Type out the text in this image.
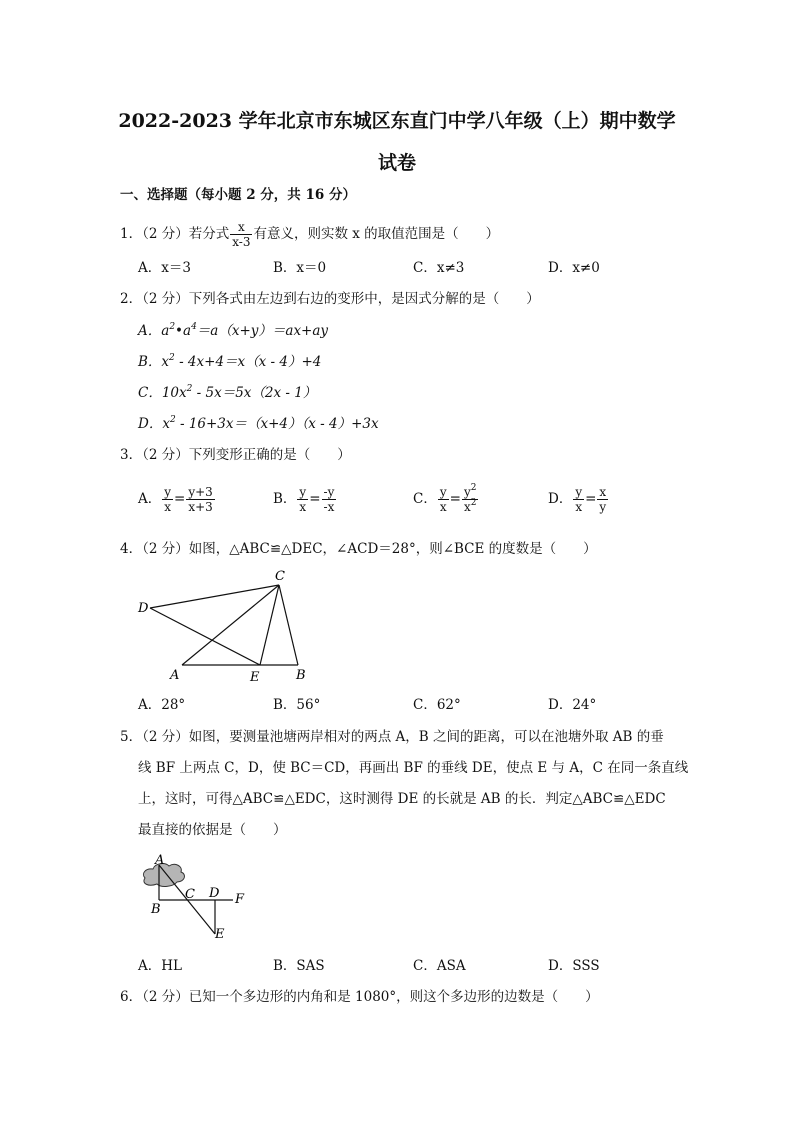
2022-2023 学年北京市东城区东直门中学八年级（上）期中数学
试卷
一、选择题（每小题 2 分，共 16 分）
1．（2 分）若分式 $\frac{x}{x-3}$ 有意义，则实数 x 的取值范围是（　　）
A．x＝3	B．x＝0	C．x≠3	D．x≠0
2．（2 分）下列各式由左边到右边的变形中，是因式分解的是（　　）
A．$a^2•a^4=a(x+y)=ax+ay$
B．$x^2 - 4x+4=x(x - 4)+4$
C．$10x^2 - 5x=5x(2x - 1)$
D．$x^2 - 16+3x=(x+4)(x - 4)+3x$
3．（2 分）下列变形正确的是（　　）
A． $\frac{y}{x} = \frac{y+3}{x+3}$	B． $\frac{y}{x} = \frac{-y}{-x}$	C． $\frac{y}{x} = \frac{y^2}{x^2}$	D． $\frac{y}{x} = \frac{x}{y}$
4．（2 分）如图，△ABC≌△DEC，∠ACD＝28°，则∠BCE 的度数是（　　）
C
D
A	E	B
A．28°	B．56°	C．62°	D．24°
5．（2 分）如图，要测量池塘两岸相对的两点 A，B 之间的距离，可以在池塘外取 AB 的垂
线 BF 上两点 C，D，使 BC＝CD，再画出 BF 的垂线 DE，使点 E 与 A，C 在同一条直线
上，这时，可得△ABC≌△EDC，这时测得 DE 的长就是 AB 的长．判定△ABC≌△EDC
最直接的依据是（　　）
A
B
C D F
E
A．HL	B．SAS	C．ASA	D．SSS
6．（2 分）已知一个多边形的内角和是 1080°，则这个多边形的边数是（　　）
